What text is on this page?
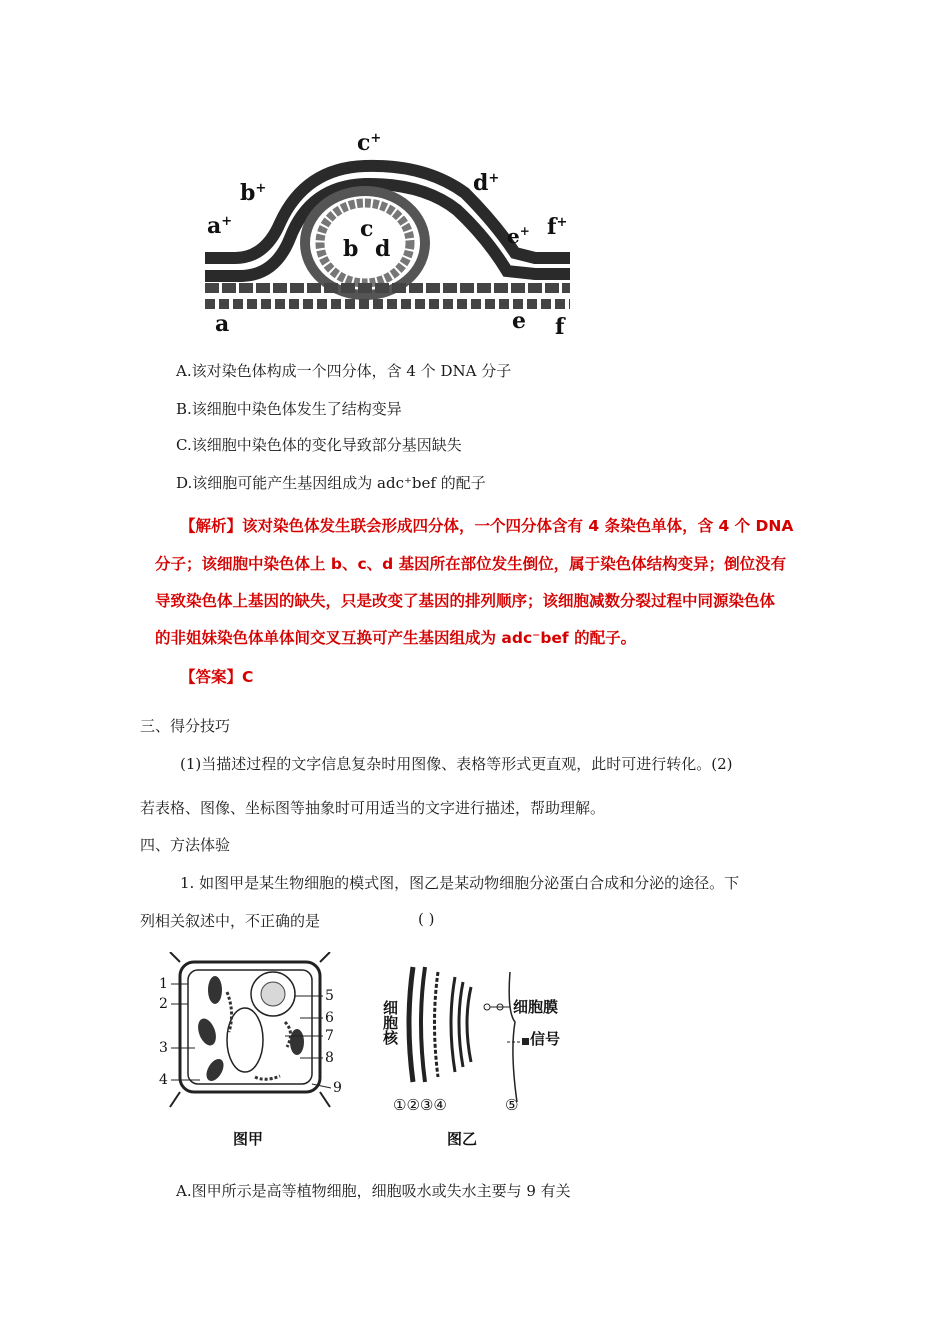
c+
b+	d+
a+
e+ f+
c
b d
a	e f
A.该对染色体构成一个四分体，含 4 个 DNA 分子
B.该细胞中染色体发生了结构变异
C.该细胞中染色体的变化导致部分基因缺失
D.该细胞可能产生基因组成为 adc⁺bef 的配子
【解析】该对染色体发生联会形成四分体，一个四分体含有 4 条染色单体，含 4 个 DNA
分子；该细胞中染色体上 b、c、d 基因所在部位发生倒位，属于染色体结构变异；倒位没有
导致染色体上基因的缺失，只是改变了基因的排列顺序；该细胞减数分裂过程中同源染色体
的非姐妹染色体单体间交叉互换可产生基因组成为 adc⁻bef 的配子。
【答案】C
三、得分技巧
(1)当描述过程的文字信息复杂时用图像、表格等形式更直观，此时可进行转化。(2)
若表格、图像、坐标图等抽象时可用适当的文字进行描述，帮助理解。
四、方法体验
1. 如图甲是某生物细胞的模式图，图乙是某动物细胞分泌蛋白合成和分泌的途径。下
列相关叙述中，不正确的是	( )
1
2
3
4
5
6
7
8
9
图甲
细胞核	细胞膜
信号
①②③④	⑤
图乙
A.图甲所示是高等植物细胞，细胞吸水或失水主要与 9 有关
